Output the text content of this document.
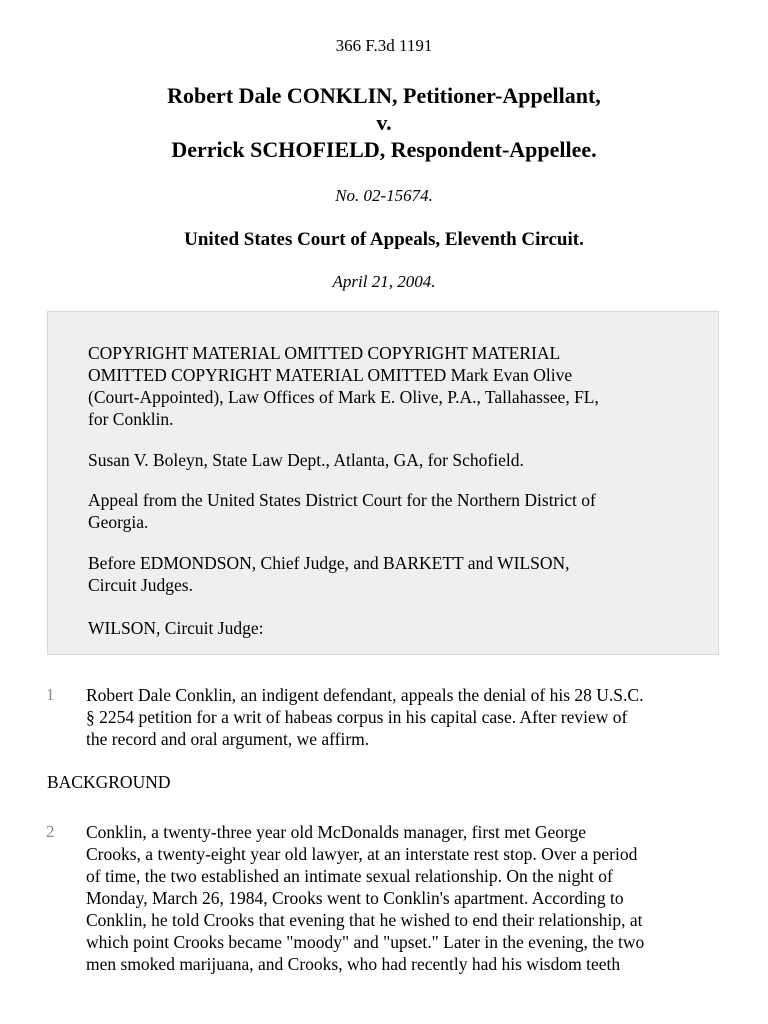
366 F.3d 1191
Robert Dale CONKLIN, Petitioner-Appellant,
v.
Derrick SCHOFIELD, Respondent-Appellee.
No. 02-15674.
United States Court of Appeals, Eleventh Circuit.
April 21, 2004.

COPYRIGHT MATERIAL OMITTED COPYRIGHT MATERIAL
OMITTED COPYRIGHT MATERIAL OMITTED Mark Evan Olive
(Court-Appointed), Law Offices of Mark E. Olive, P.A., Tallahassee, FL,
for Conklin.

Susan V. Boleyn, State Law Dept., Atlanta, GA, for Schofield.

Appeal from the United States District Court for the Northern District of
Georgia.

Before EDMONDSON, Chief Judge, and BARKETT and WILSON,
Circuit Judges.

WILSON, Circuit Judge:

1 Robert Dale Conklin, an indigent defendant, appeals the denial of his 28 U.S.C.
§ 2254 petition for a writ of habeas corpus in his capital case. After review of
the record and oral argument, we affirm.

BACKGROUND
2 Conklin, a twenty-three year old McDonalds manager, first met George
Crooks, a twenty-eight year old lawyer, at an interstate rest stop. Over a period
of time, the two established an intimate sexual relationship. On the night of
Monday, March 26, 1984, Crooks went to Conklin's apartment. According to
Conklin, he told Crooks that evening that he wished to end their relationship, at
which point Crooks became "moody" and "upset." Later in the evening, the two
men smoked marijuana, and Crooks, who had recently had his wisdom teeth
